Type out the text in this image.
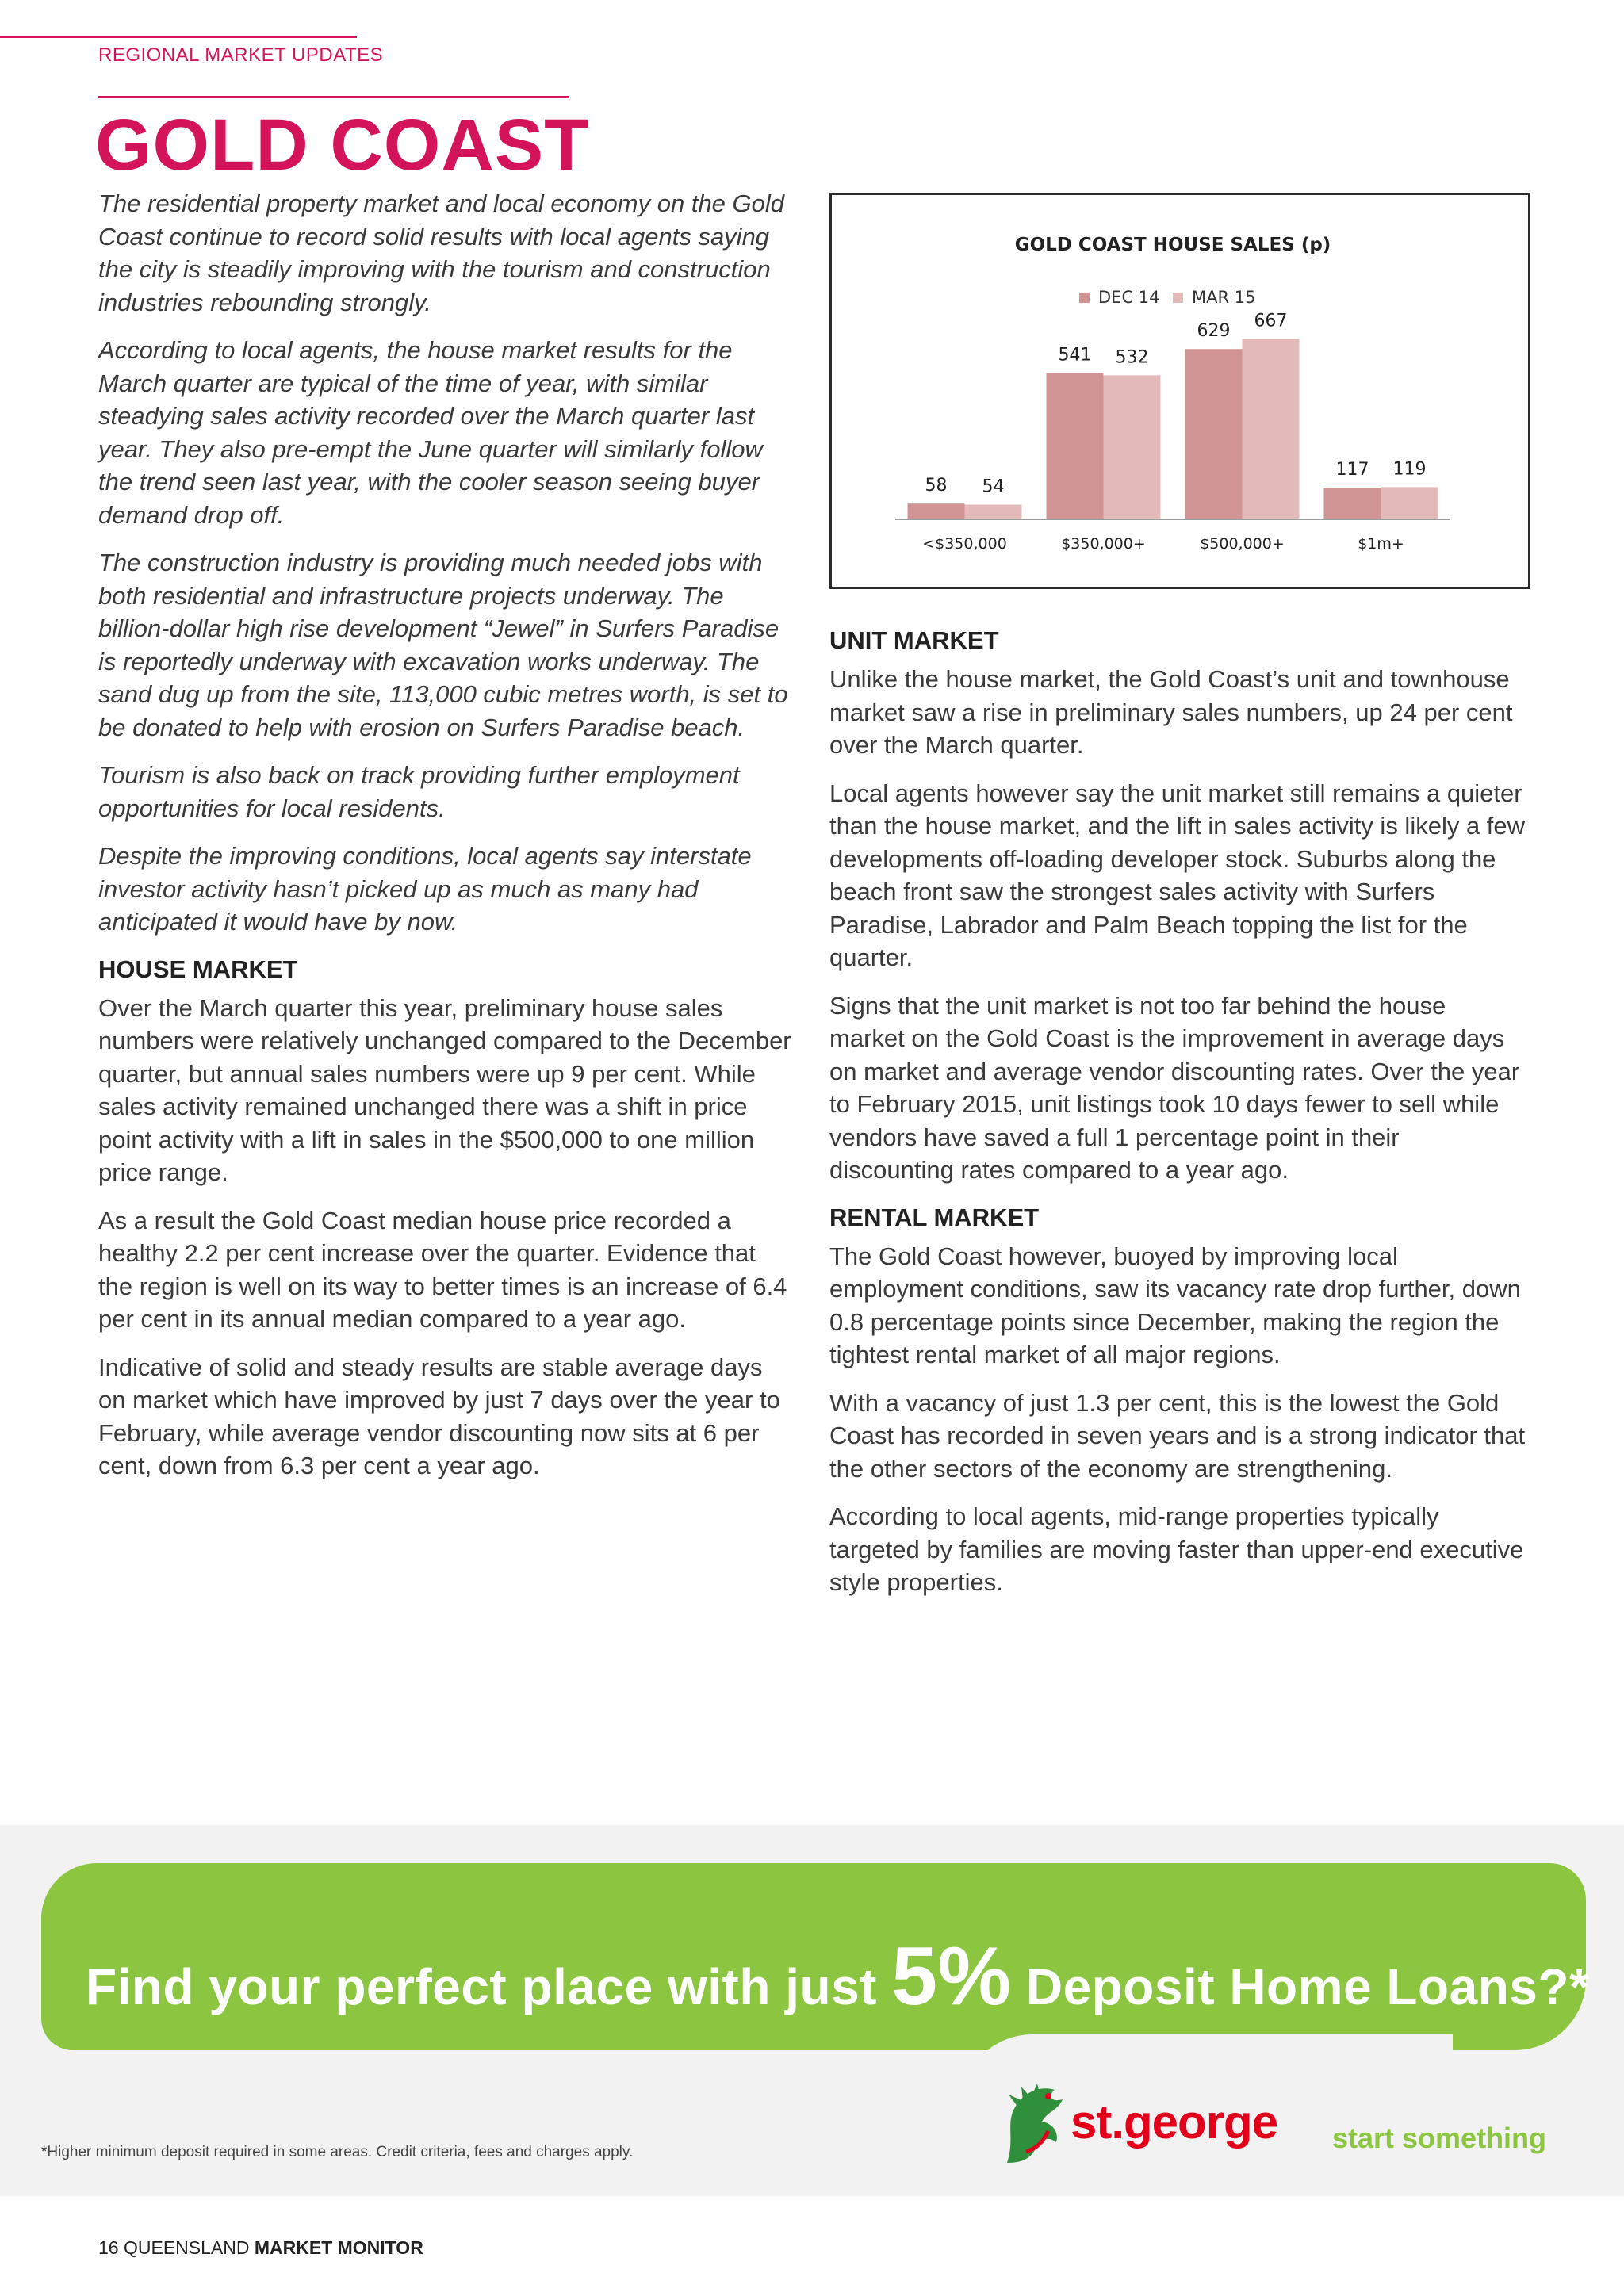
REGIONAL MARKET UPDATES
GOLD COAST

The residential property market and local economy on the Gold Coast continue to record solid results with local agents saying the city is steadily improving with the tourism and construction industries rebounding strongly.

According to local agents, the house market results for the March quarter are typical of the time of year, with similar steadying sales activity recorded over the March quarter last year. They also pre-empt the June quarter will similarly follow the trend seen last year, with the cooler season seeing buyer demand drop off.

The construction industry is providing much needed jobs with both residential and infrastructure projects underway. The billion-dollar high rise development “Jewel” in Surfers Paradise is reportedly underway with excavation works underway. The sand dug up from the site, 113,000 cubic metres worth, is set to be donated to help with erosion on Surfers Paradise beach.

Tourism is also back on track providing further employment opportunities for local residents.

Despite the improving conditions, local agents say interstate investor activity hasn’t picked up as much as many had anticipated it would have by now.

HOUSE MARKET

Over the March quarter this year, preliminary house sales numbers were relatively unchanged compared to the December quarter, but annual sales numbers were up 9 per cent. While sales activity remained unchanged there was a shift in price point activity with a lift in sales in the $500,000 to one million price range.

As a result the Gold Coast median house price recorded a healthy 2.2 per cent increase over the quarter. Evidence that the region is well on its way to better times is an increase of 6.4 per cent in its annual median compared to a year ago.

Indicative of solid and steady results are stable average days on market which have improved by just 7 days over the year to February, while average vendor discounting now sits at 6 per cent, down from 6.3 per cent a year ago.

GOLD COAST HOUSE SALES (p)
DEC 14 MAR 15
58 54
541 532
629
667
117 119
<$350,000	$350,000+	$500,000+	$1m+
UNIT MARKET

Unlike the house market, the Gold Coast’s unit and townhouse market saw a rise in preliminary sales numbers, up 24 per cent over the March quarter.

Local agents however say the unit market still remains a quieter than the house market, and the lift in sales activity is likely a few developments off-loading developer stock. Suburbs along the beach front saw the strongest sales activity with Surfers Paradise, Labrador and Palm Beach topping the list for the quarter.

Signs that the unit market is not too far behind the house market on the Gold Coast is the improvement in average days on market and average vendor discounting rates. Over the year to February 2015, unit listings took 10 days fewer to sell while vendors have saved a full 1 percentage point in their discounting rates compared to a year ago.

RENTAL MARKET

The Gold Coast however, buoyed by improving local employment conditions, saw its vacancy rate drop further, down 0.8 percentage points since December, making the region the tightest rental market of all major regions.

With a vacancy of just 1.3 per cent, this is the lowest the Gold Coast has recorded in seven years and is a strong indicator that the other sectors of the economy are strengthening.

According to local agents, mid-range properties typically targeted by families are moving faster than upper-end executive style properties.

Find your perfect place with just 5% Deposit Home Loans?*
st.george start something
*Higher minimum deposit required in some areas. Credit criteria, fees and charges apply.
16 QUEENSLAND MARKET MONITOR
